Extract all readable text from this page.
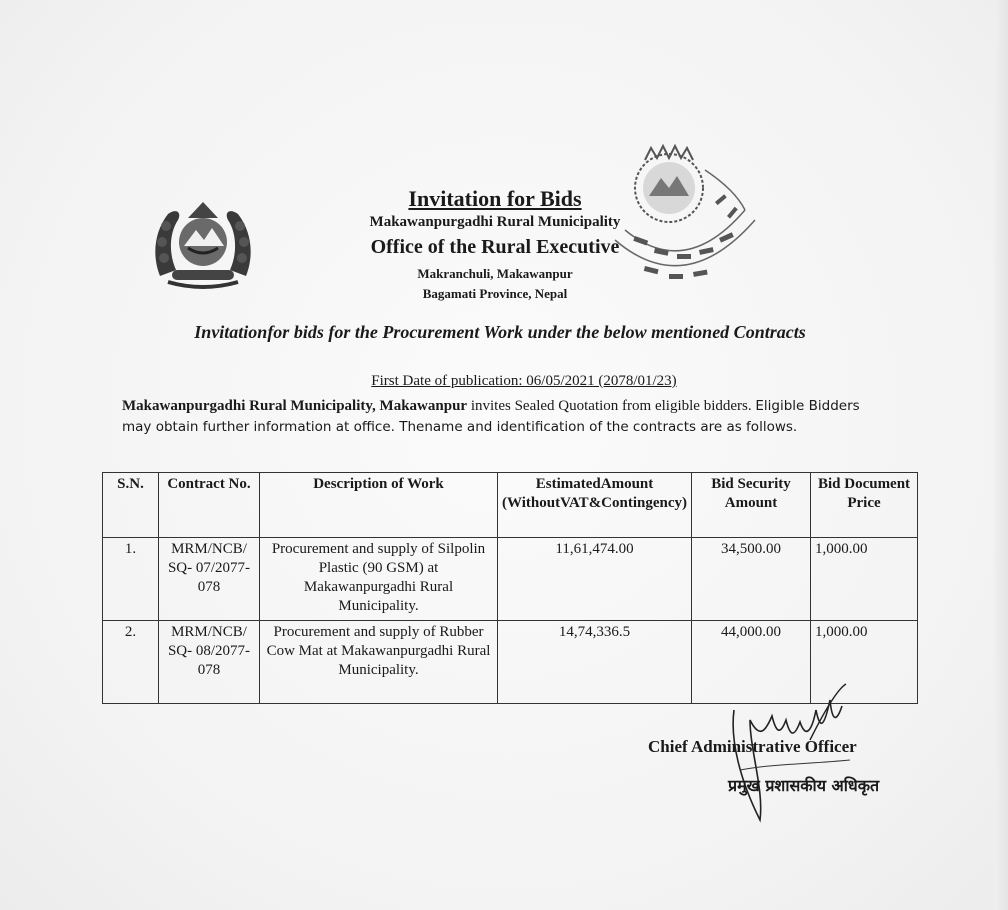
Invitation for Bids
Makawanpurgadhi Rural Municipality
Office of the Rural Executive
Makranchuli, Makawanpur
Bagamati Province, Nepal
Invitationfor bids for the Procurement Work under the below mentioned Contracts
First Date of publication: 06/05/2021 (2078/01/23)
Makawanpurgadhi Rural Municipality, Makawanpur invites Sealed Quotation from eligible bidders. Eligible Bidders may obtain further information at office. Thename and identification of the contracts are as follows.
S.N.	Contract No.	Description of Work	EstimatedAmount (WithoutVAT&Contingency)	Bid Security Amount	Bid Document Price
1.	MRM/NCB/ SQ- 07/2077-078	Procurement and supply of Silpolin Plastic (90 GSM) at Makawanpurgadhi Rural Municipality.	11,61,474.00	34,500.00	1,000.00
2.	MRM/NCB/ SQ- 08/2077-078	Procurement and supply of Rubber Cow Mat at Makawanpurgadhi Rural Municipality.	14,74,336.5	44,000.00	1,000.00
Chief Administrative Officer
प्रमुख प्रशासकीय अधिकृत
